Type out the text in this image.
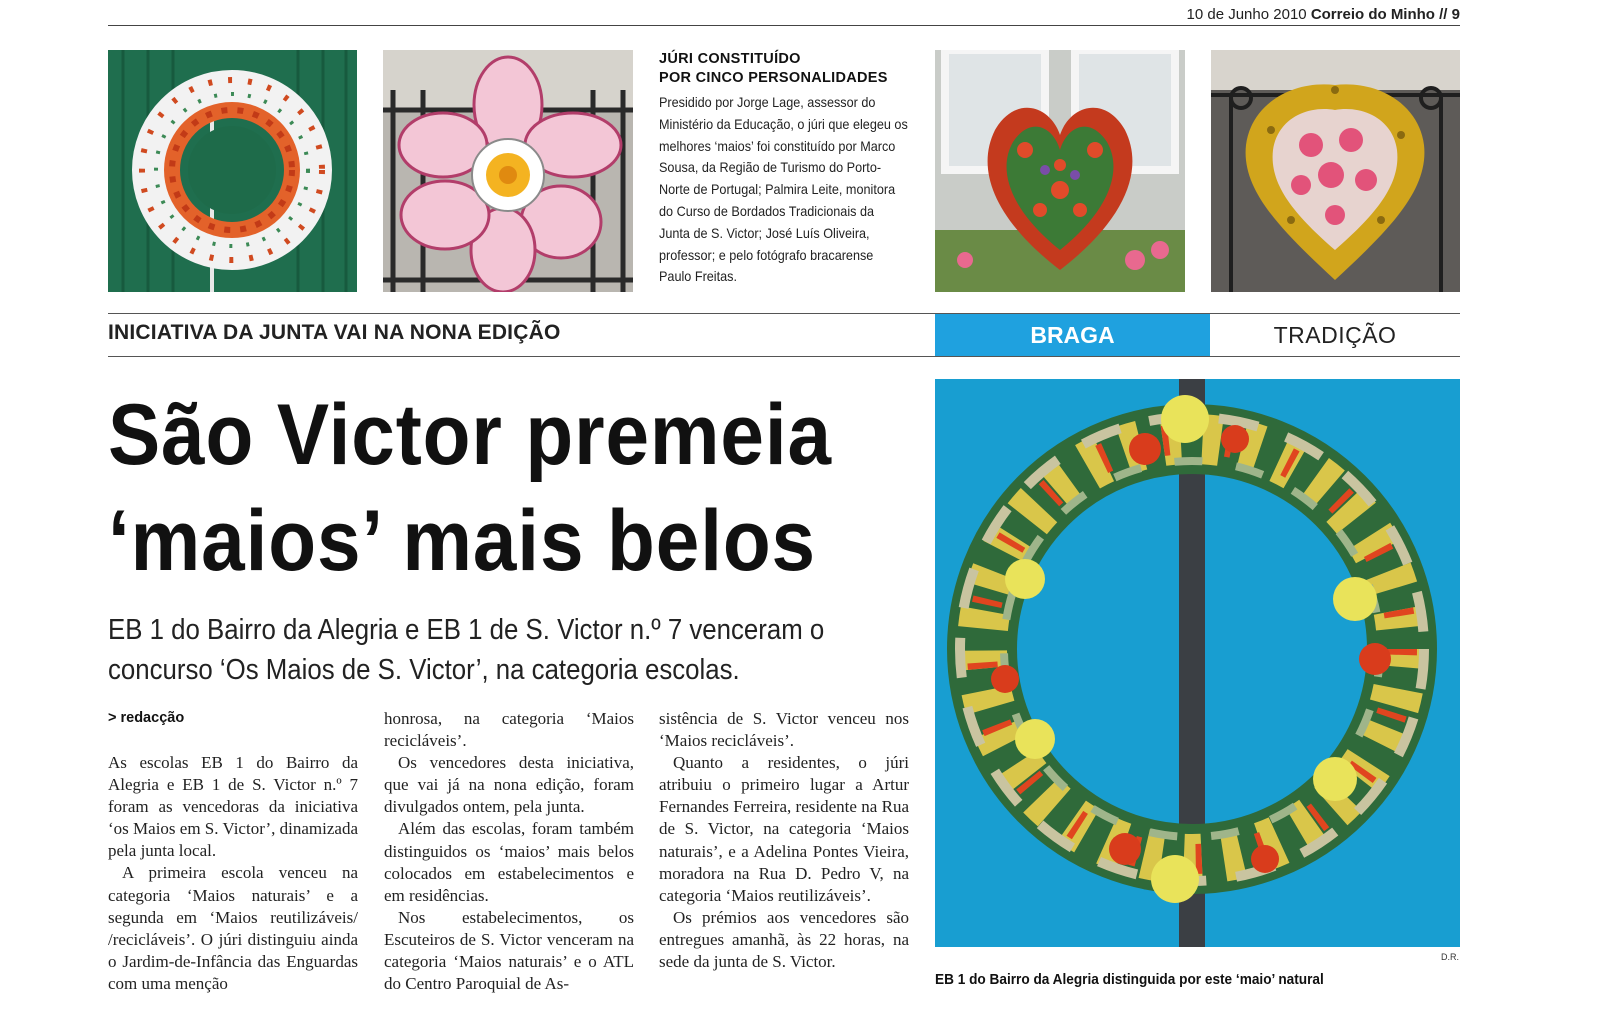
10 de Junho 2010 Correio do Minho // 9

JÚRI CONSTITUÍDO
POR CINCO PERSONALIDADES

Presidido por Jorge Lage, assessor do Ministério da Educação, o júri que elegeu os melhores ‘maios’ foi constituído por Marco Sousa, da Região de Turismo do Porto-Norte de Portugal; Palmira Leite, monitora do Curso de Bordados Tradicionais da Junta de S. Victor; José Luís Oliveira, professor; e pelo fotógrafo bracarense Paulo Freitas.

INICIATIVA DA JUNTA VAI NA NONA EDIÇÃO	BRAGA	TRADIÇÃO
São Victor premeia
‘maios’ mais belos

EB 1 do Bairro da Alegria e EB 1 de S. Victor n.º 7 venceram o concurso ‘Os Maios de S. Victor’, na categoria escolas.

> redacção

As escolas EB 1 do Bairro da Alegria e EB 1 de S. Victor n.º 7 foram as vencedoras da iniciativa ‘os Maios em S. Victor’, dinamizada pela junta local.

A primeira escola venceu na categoria ‘Maios naturais’ e a segunda em ‘Maios reutilizáveis/ /recicláveis’. O júri distinguiu ainda o Jardim-de-Infância das Enguardas com uma menção

honrosa, na categoria ‘Maios recicláveis’.

Os vencedores desta iniciativa, que vai já na nona edição, foram divulgados ontem, pela junta.

Além das escolas, foram também distinguidos os ‘maios’ mais belos colocados em estabelecimentos e em residências.

Nos estabelecimentos, os Escuteiros de S. Victor venceram na categoria ‘Maios naturais’ e o ATL do Centro Paroquial de As-

sistência de S. Victor venceu nos ‘Maios recicláveis’.

Quanto a residentes, o júri atribuiu o primeiro lugar a Artur Fernandes Ferreira, residente na Rua de S. Victor, na categoria ‘Maios naturais’, e a Adelina Pontes Vieira, moradora na Rua D. Pedro V, na categoria ‘Maios reutilizáveis’.

Os prémios aos vencedores são entregues amanhã, às 22 horas, na sede da junta de S. Victor.	D.R.
EB 1 do Bairro da Alegria distinguida por este ‘maio’ natural
